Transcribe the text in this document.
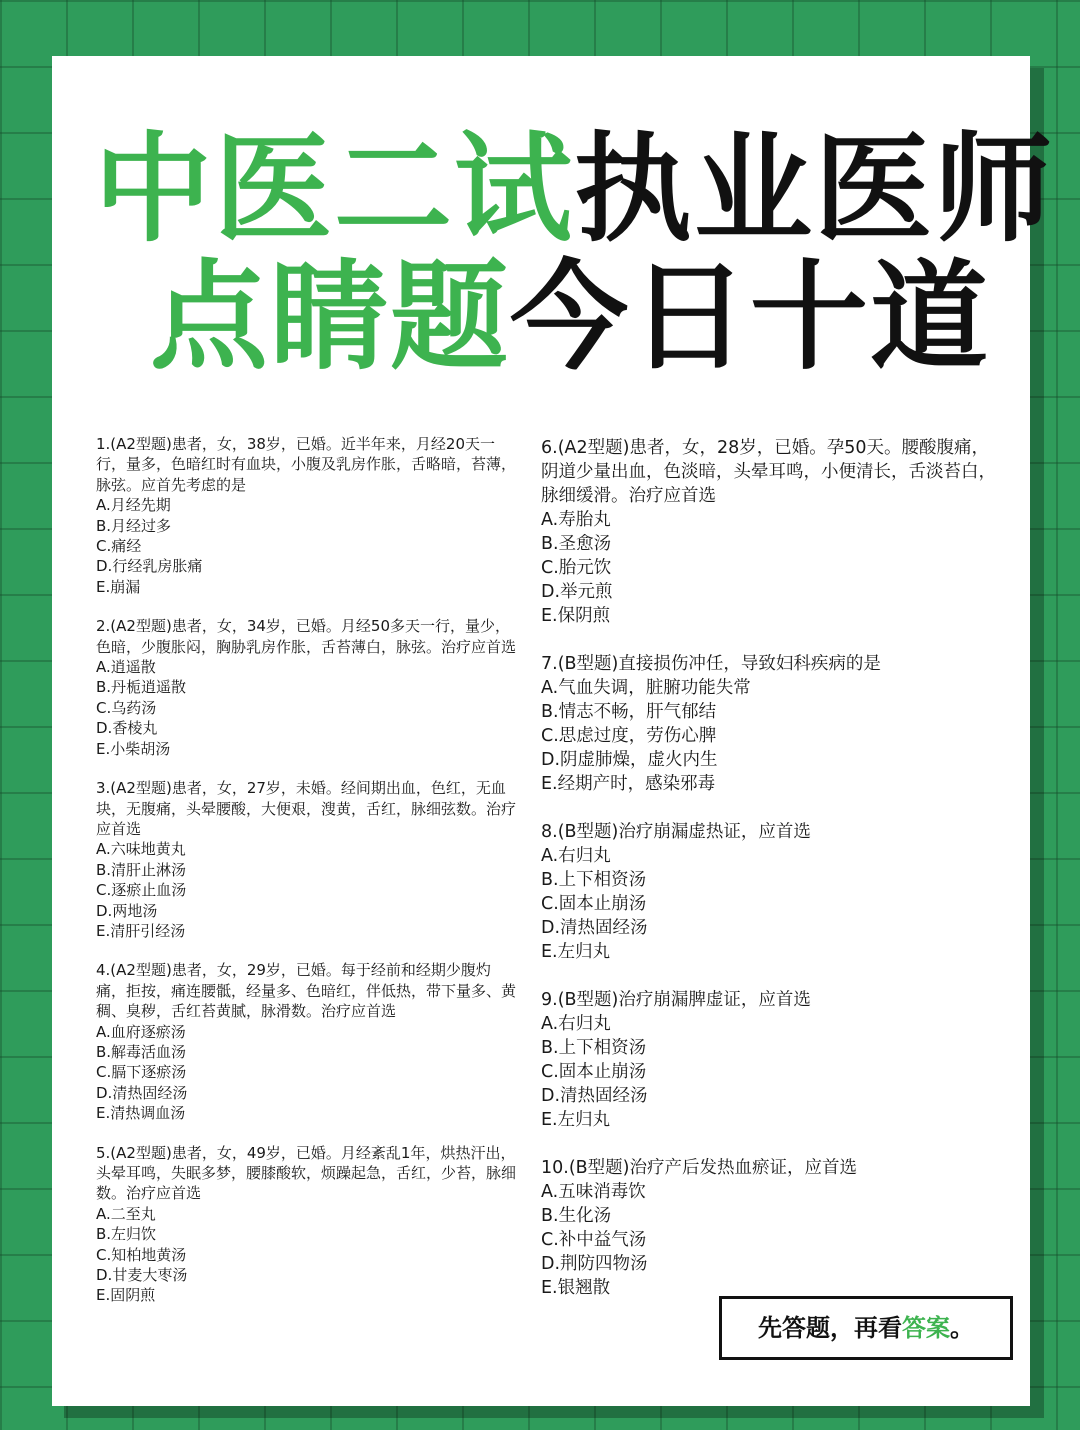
中医二试执业医师
点睛题今日十道
1.(A2型题)患者，女，38岁，已婚。近半年来，月经20天一行，量多，色暗红时有血块，小腹及乳房作胀，舌略暗，苔薄，脉弦。应首先考虑的是
A.月经先期
B.月经过多
C.痛经
D.行经乳房胀痛
E.崩漏
2.(A2型题)患者，女，34岁，已婚。月经50多天一行，量少，色暗，少腹胀闷，胸胁乳房作胀，舌苔薄白，脉弦。治疗应首选
A.逍遥散
B.丹栀逍遥散
C.乌药汤
D.香棱丸
E.小柴胡汤
3.(A2型题)患者，女，27岁，未婚。经间期出血，色红，无血块，无腹痛，头晕腰酸，大便艰，溲黄，舌红，脉细弦数。治疗应首选
A.六味地黄丸
B.清肝止淋汤
C.逐瘀止血汤
D.两地汤
E.清肝引经汤
4.(A2型题)患者，女，29岁，已婚。每于经前和经期少腹灼痛，拒按，痛连腰骶，经量多、色暗红，伴低热，带下量多、黄稠、臭秽，舌红苔黄腻，脉滑数。治疗应首选
A.血府逐瘀汤
B.解毒活血汤
C.膈下逐瘀汤
D.清热固经汤
E.清热调血汤
5.(A2型题)患者，女，49岁，已婚。月经紊乱1年，烘热汗出，头晕耳鸣，失眠多梦，腰膝酸软，烦躁起急，舌红，少苔，脉细数。治疗应首选
A.二至丸
B.左归饮
C.知柏地黄汤
D.甘麦大枣汤
E.固阴煎
6.(A2型题)患者，女，28岁，已婚。孕50天。腰酸腹痛，阴道少量出血，色淡暗，头晕耳鸣，小便清长，舌淡苔白，脉细缓滑。治疗应首选
A.寿胎丸
B.圣愈汤
C.胎元饮
D.举元煎
E.保阴煎
7.(B型题)直接损伤冲任，导致妇科疾病的是
A.气血失调，脏腑功能失常
B.情志不畅，肝气郁结
C.思虑过度，劳伤心脾
D.阴虚肺燥，虚火内生
E.经期产时，感染邪毒
8.(B型题)治疗崩漏虚热证，应首选
A.右归丸
B.上下相资汤
C.固本止崩汤
D.清热固经汤
E.左归丸
9.(B型题)治疗崩漏脾虚证，应首选
A.右归丸
B.上下相资汤
C.固本止崩汤
D.清热固经汤
E.左归丸
10.(B型题)治疗产后发热血瘀证，应首选
A.五味消毒饮
B.生化汤
C.补中益气汤
D.荆防四物汤
E.银翘散
先答题，再看答案。
